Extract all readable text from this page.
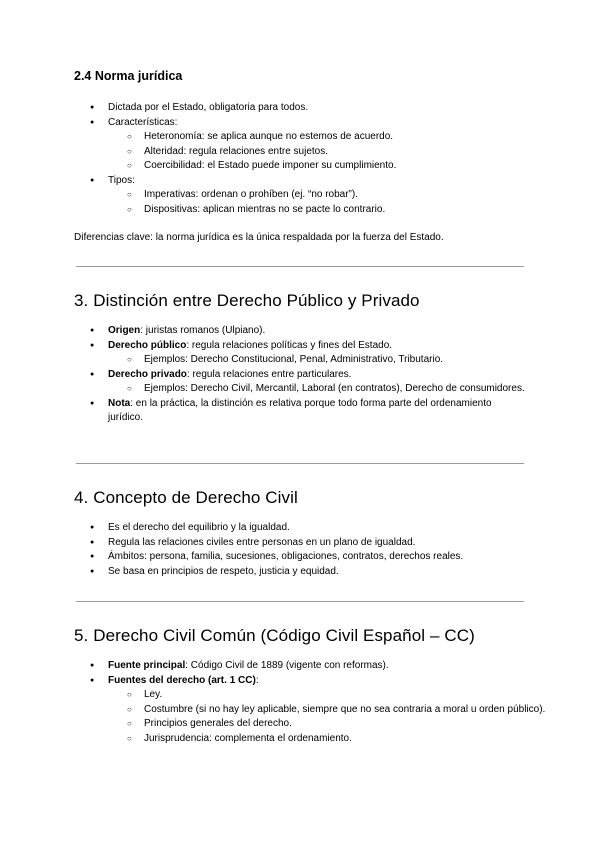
2.4 Norma jurídica
● Dictada por el Estado, obligatoria para todos.
● Características:
○ Heteronomía: se aplica aunque no estemos de acuerdo.
○ Alteridad: regula relaciones entre sujetos.
○ Coercibilidad: el Estado puede imponer su cumplimiento.
● Tipos:
○ Imperativas: ordenan o prohíben (ej. “no robar”).
○ Dispositivas: aplican mientras no se pacte lo contrario.

Diferencias clave: la norma jurídica es la única respaldada por la fuerza del Estado.

3. Distinción entre Derecho Público y Privado
● Origen: juristas romanos (Ulpiano).
● Derecho público: regula relaciones políticas y fines del Estado.
○ Ejemplos: Derecho Constitucional, Penal, Administrativo, Tributario.
● Derecho privado: regula relaciones entre particulares.
○ Ejemplos: Derecho Civil, Mercantil, Laboral (en contratos), Derecho de consumidores.
● Nota: en la práctica, la distinción es relativa porque todo forma parte del ordenamiento jurídico.
4. Concepto de Derecho Civil
● Es el derecho del equilibrio y la igualdad.
● Regula las relaciones civiles entre personas en un plano de igualdad.
● Ámbitos: persona, familia, sucesiones, obligaciones, contratos, derechos reales.
● Se basa en principios de respeto, justicia y equidad.
5. Derecho Civil Común (Código Civil Español – CC)
● Fuente principal: Código Civil de 1889 (vigente con reformas).
● Fuentes del derecho (art. 1 CC):
○ Ley.
○ Costumbre (si no hay ley aplicable, siempre que no sea contraria a moral u orden público).
○ Principios generales del derecho.
○ Jurisprudencia: complementa el ordenamiento.
